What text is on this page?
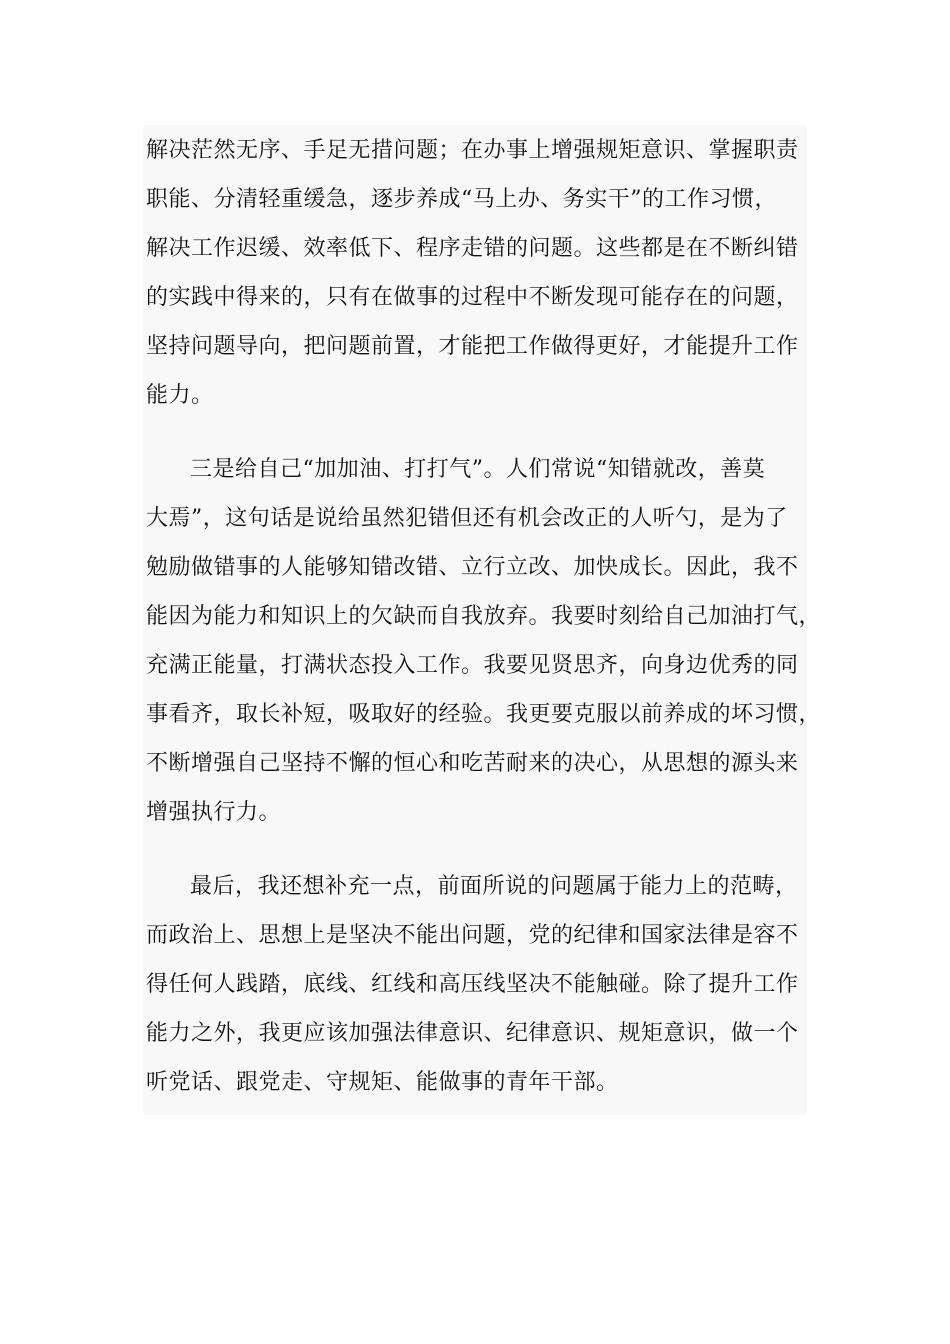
解决茫然无序、手足无措问题；在办事上增强规矩意识、掌握职责
职能、分清轻重缓急，逐步养成“马上办、务实干”的工作习惯，
解决工作迟缓、效率低下、程序走错的问题。这些都是在不断纠错
的实践中得来的，只有在做事的过程中不断发现可能存在的问题，
坚持问题导向，把问题前置，才能把工作做得更好，才能提升工作
能力。
三是给自己“加加油、打打气”。人们常说“知错就改，善莫
大焉”，这句话是说给虽然犯错但还有机会改正的人听勺，是为了
勉励做错事的人能够知错改错、立行立改、加快成长。因此，我不
能因为能力和知识上的欠缺而自我放弃。我要时刻给自己加油打气，
充满正能量，打满状态投入工作。我要见贤思齐，向身边优秀的同
事看齐，取长补短，吸取好的经验。我更要克服以前养成的坏习惯，
不断增强自己坚持不懈的恒心和吃苦耐来的决心，从思想的源头来
增强执行力。
最后，我还想补充一点，前面所说的问题属于能力上的范畴，
而政治上、思想上是坚决不能出问题，党的纪律和国家法律是容不
得任何人践踏，底线、红线和高压线坚决不能触碰。除了提升工作
能力之外，我更应该加强法律意识、纪律意识、规矩意识，做一个
听党话、跟党走、守规矩、能做事的青年干部。
